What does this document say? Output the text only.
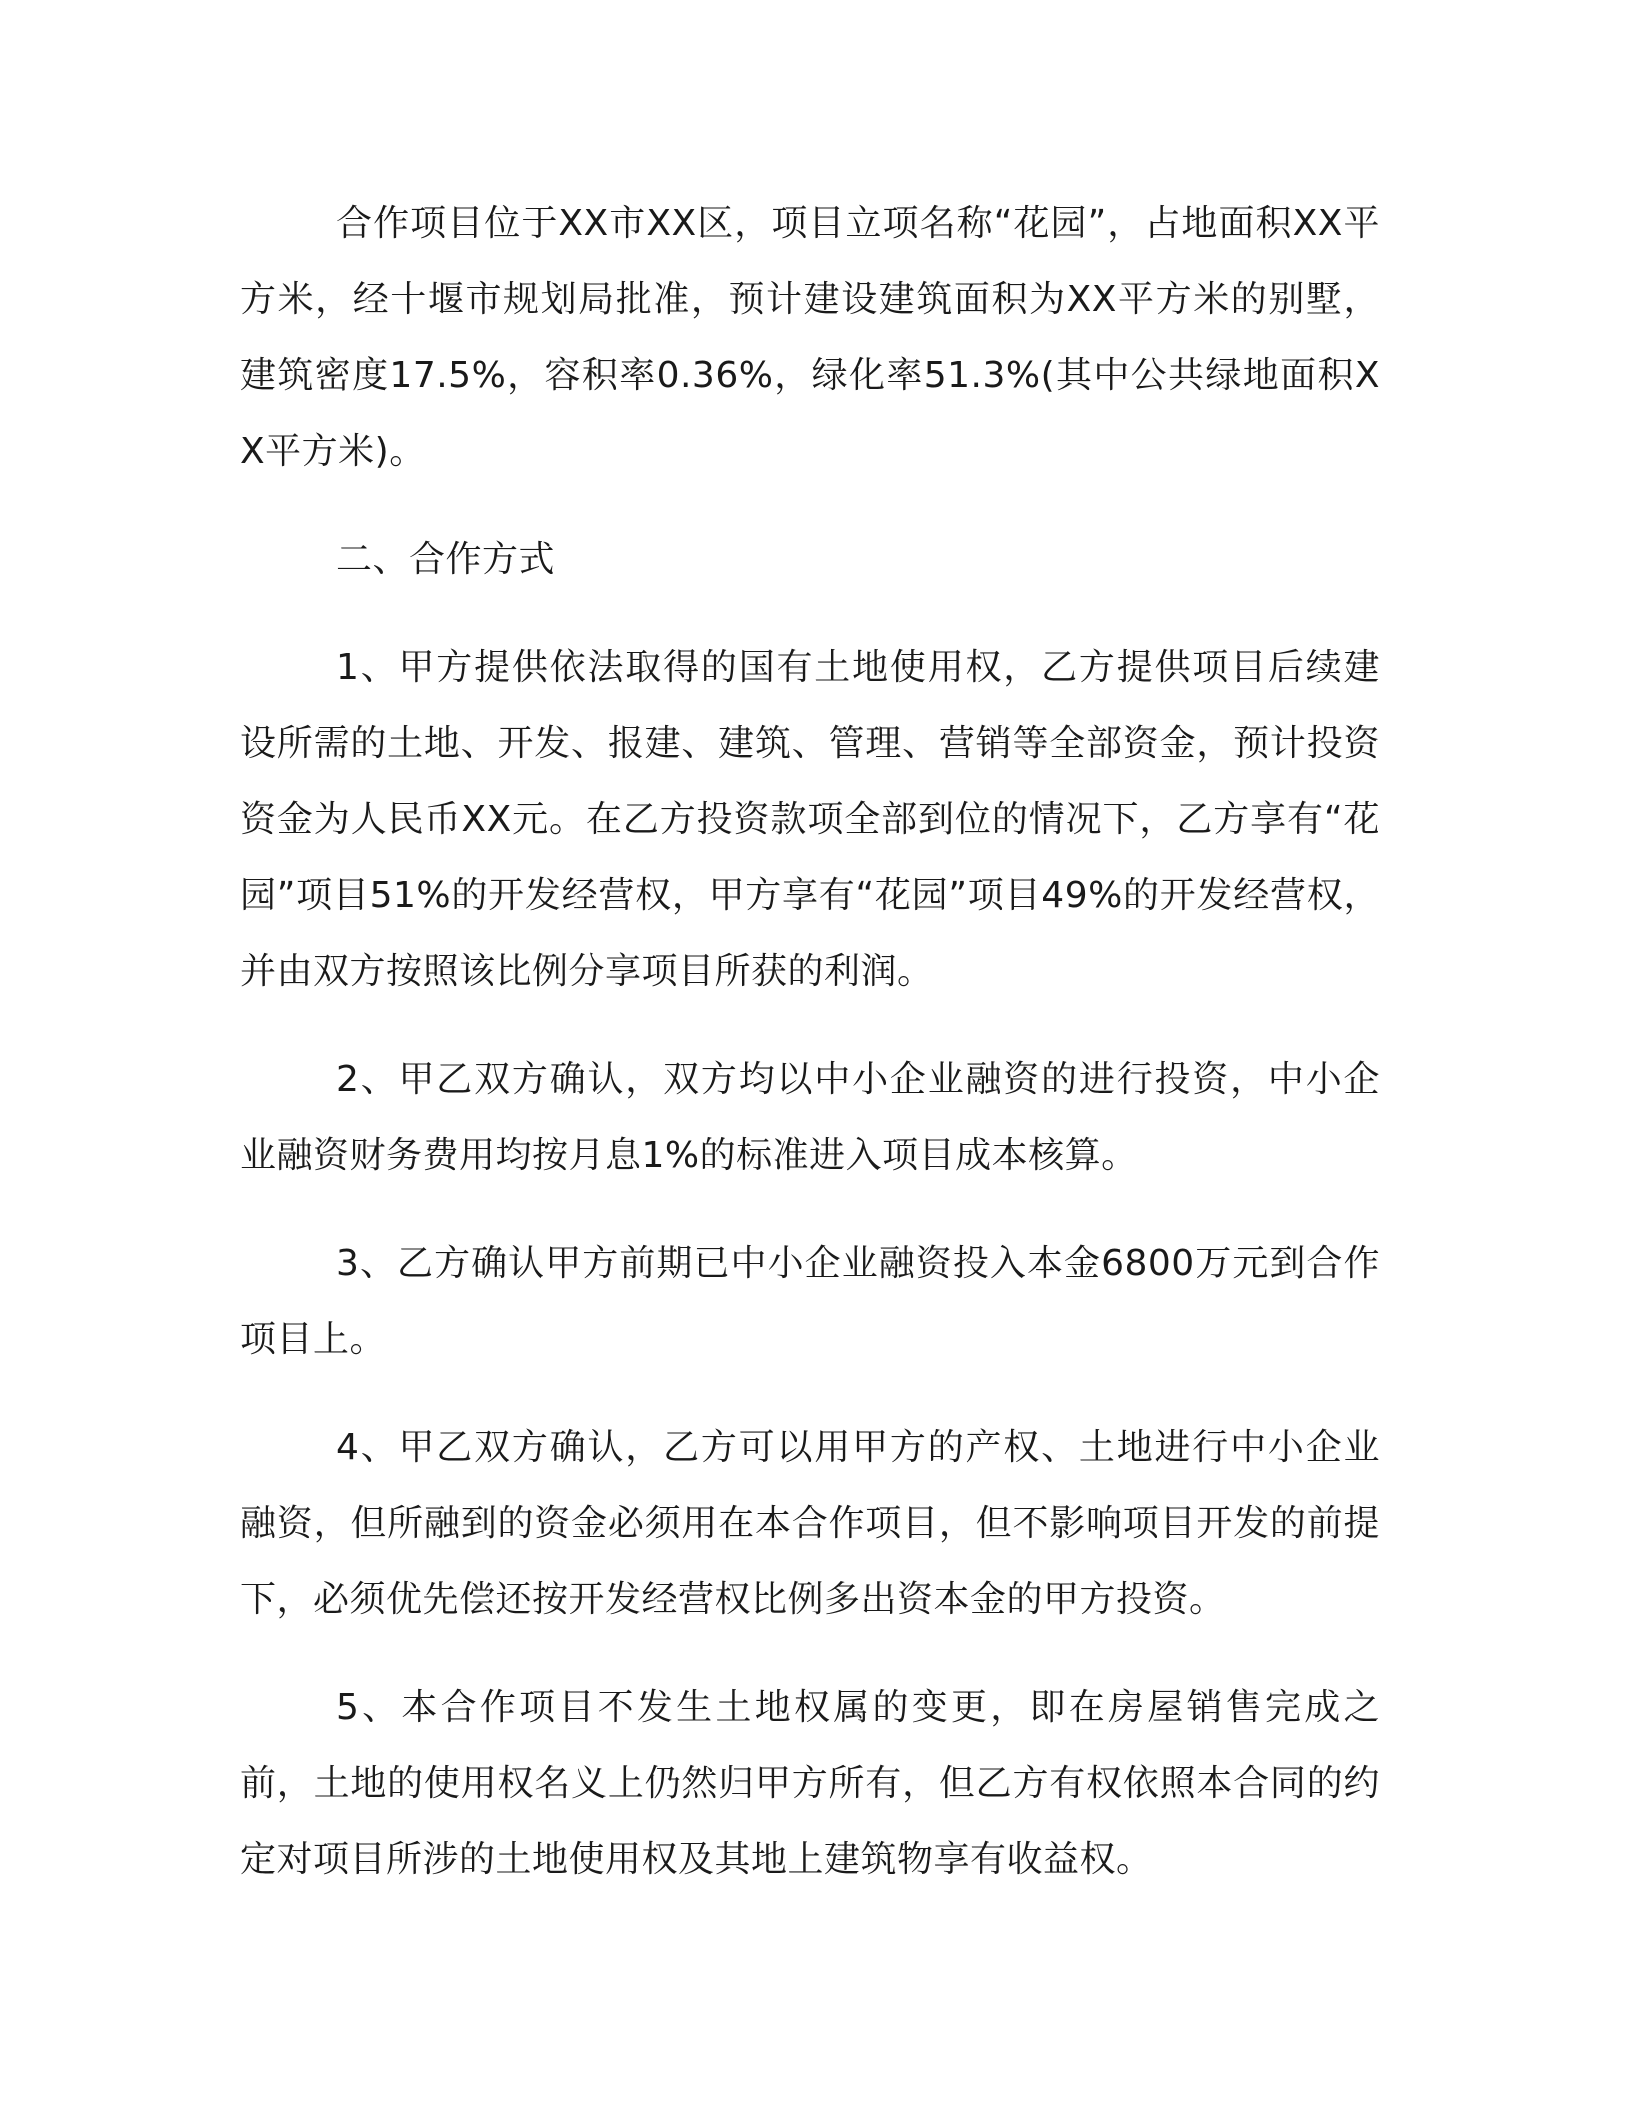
合作项目位于XX市XX区，项目立项名称“花园”，占地面积XX平方米，经十堰市规划局批准，预计建设建筑面积为XX平方米的别墅，建筑密度17.5%，容积率0.36%，绿化率51.3%(其中公共绿地面积XX平方米)。

二、合作方式

1、甲方提供依法取得的国有土地使用权，乙方提供项目后续建设所需的土地、开发、报建、建筑、管理、营销等全部资金，预计投资资金为人民币XX元。在乙方投资款项全部到位的情况下，乙方享有“花园”项目51%的开发经营权，甲方享有“花园”项目49%的开发经营权，并由双方按照该比例分享项目所获的利润。

2、甲乙双方确认，双方均以中小企业融资的进行投资，中小企业融资财务费用均按月息1%的标准进入项目成本核算。

3、乙方确认甲方前期已中小企业融资投入本金6800万元到合作项目上。

4、甲乙双方确认，乙方可以用甲方的产权、土地进行中小企业融资，但所融到的资金必须用在本合作项目，但不影响项目开发的前提下，必须优先偿还按开发经营权比例多出资本金的甲方投资。

5、本合作项目不发生土地权属的变更，即在房屋销售完成之前，土地的使用权名义上仍然归甲方所有，但乙方有权依照本合同的约定对项目所涉的土地使用权及其地上建筑物享有收益权。
